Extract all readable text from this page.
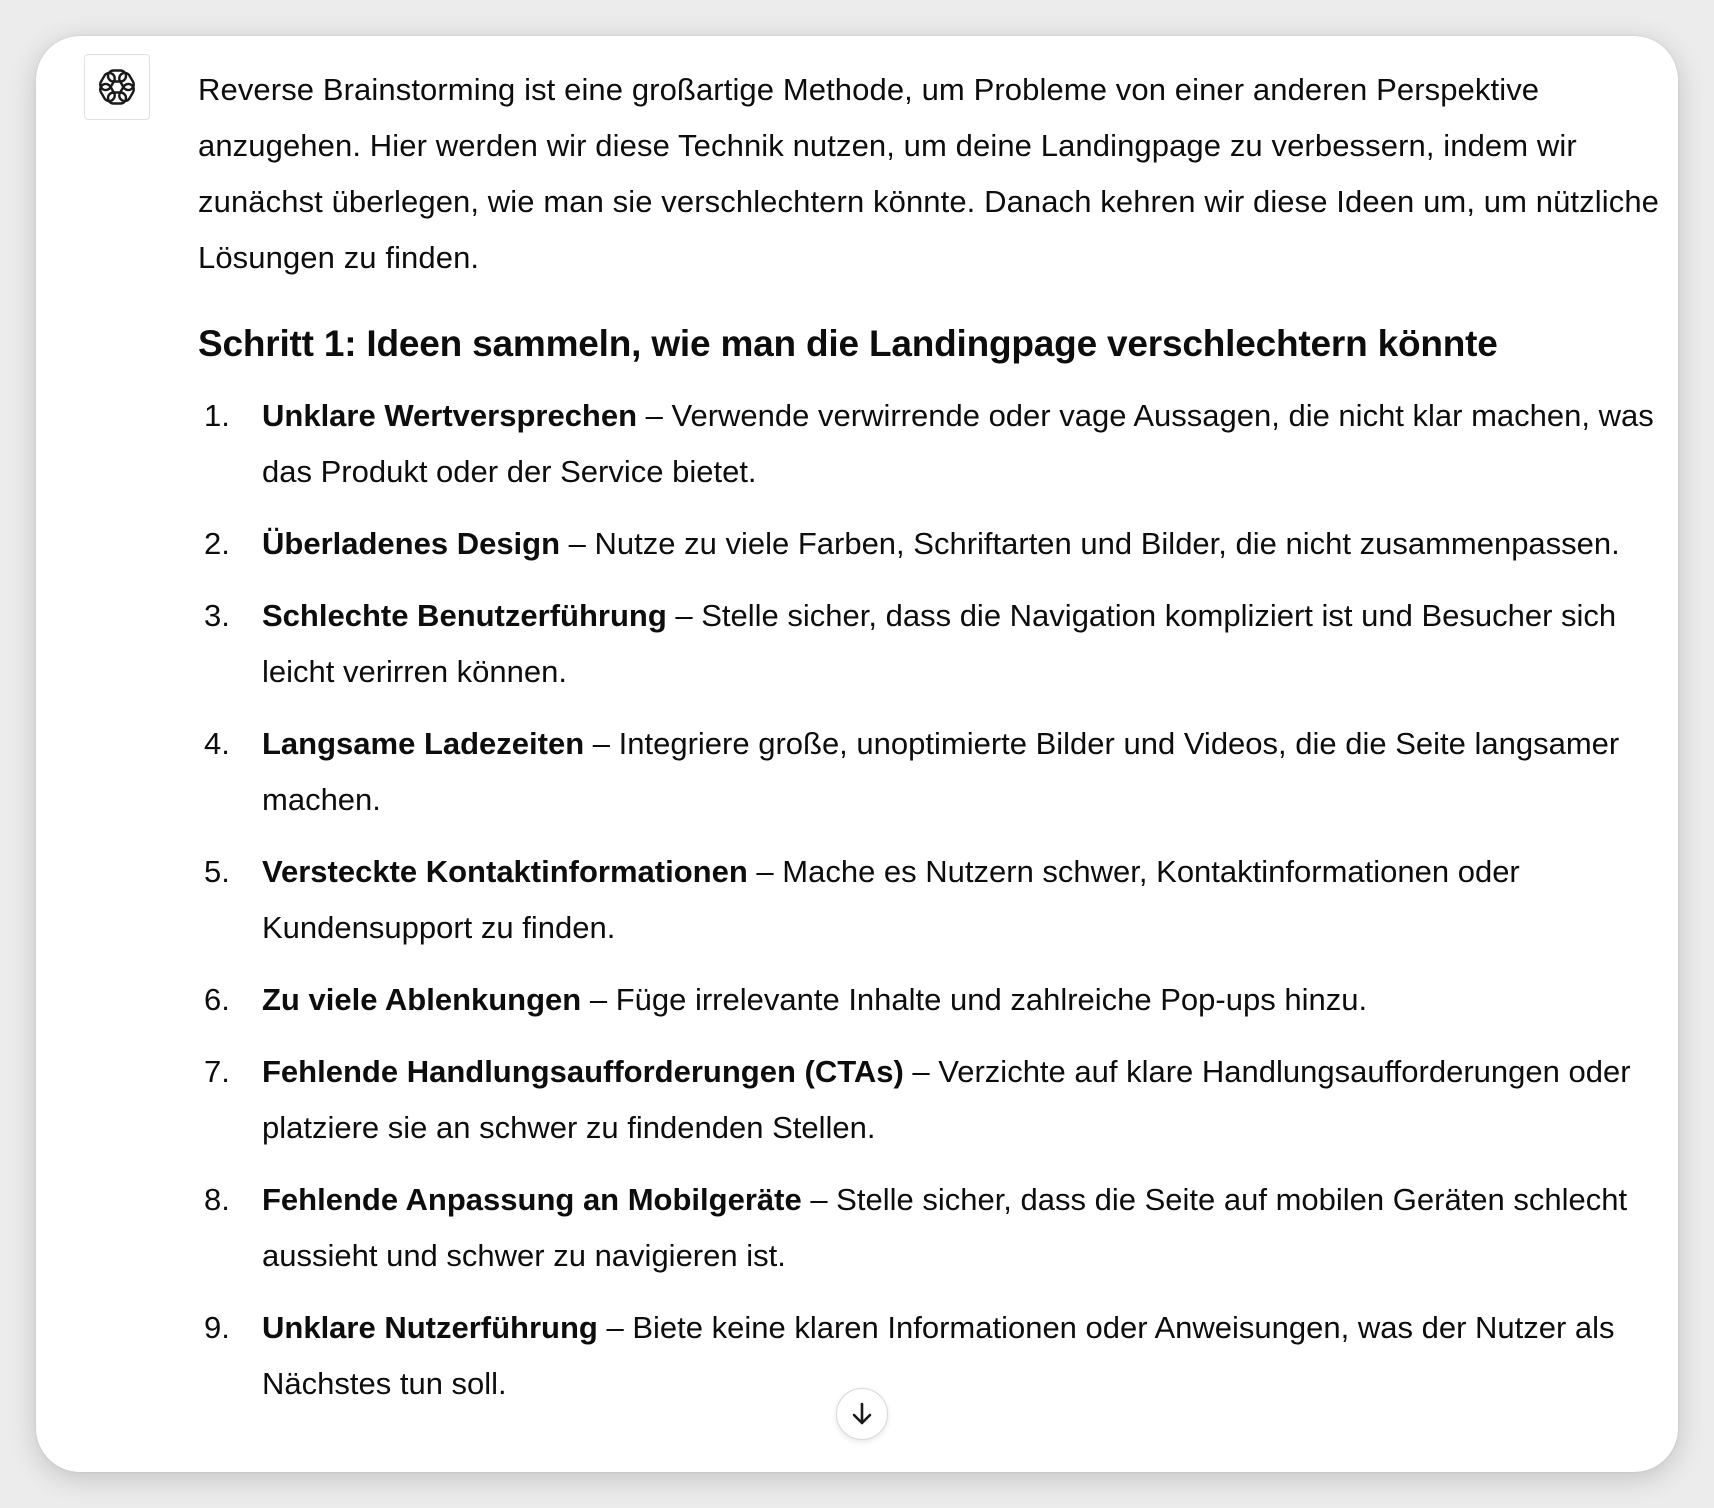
Reverse Brainstorming ist eine großartige Methode, um Probleme von einer anderen Perspektive anzugehen. Hier werden wir diese Technik nutzen, um deine Landingpage zu verbessern, indem wir zunächst überlegen, wie man sie verschlechtern könnte. Danach kehren wir diese Ideen um, um nützliche Lösungen zu finden.

Schritt 1: Ideen sammeln, wie man die Landingpage verschlechtern könnte
1. Unklare Wertversprechen – Verwende verwirrende oder vage Aussagen, die nicht klar machen, was das Produkt oder der Service bietet.
2. Überladenes Design – Nutze zu viele Farben, Schriftarten und Bilder, die nicht zusammenpassen.
3. Schlechte Benutzerführung – Stelle sicher, dass die Navigation kompliziert ist und Besucher sich leicht verirren können.
4. Langsame Ladezeiten – Integriere große, unoptimierte Bilder und Videos, die die Seite langsamer machen.
5. Versteckte Kontaktinformationen – Mache es Nutzern schwer, Kontaktinformationen oder Kundensupport zu finden.
6. Zu viele Ablenkungen – Füge irrelevante Inhalte und zahlreiche Pop-ups hinzu.
7. Fehlende Handlungsaufforderungen (CTAs) – Verzichte auf klare Handlungsaufforderungen oder platziere sie an schwer zu findenden Stellen.
8. Fehlende Anpassung an Mobilgeräte – Stelle sicher, dass die Seite auf mobilen Geräten schlecht aussieht und schwer zu navigieren ist.
9. Unklare Nutzerführung – Biete keine klaren Informationen oder Anweisungen, was der Nutzer als Nächstes tun soll.
